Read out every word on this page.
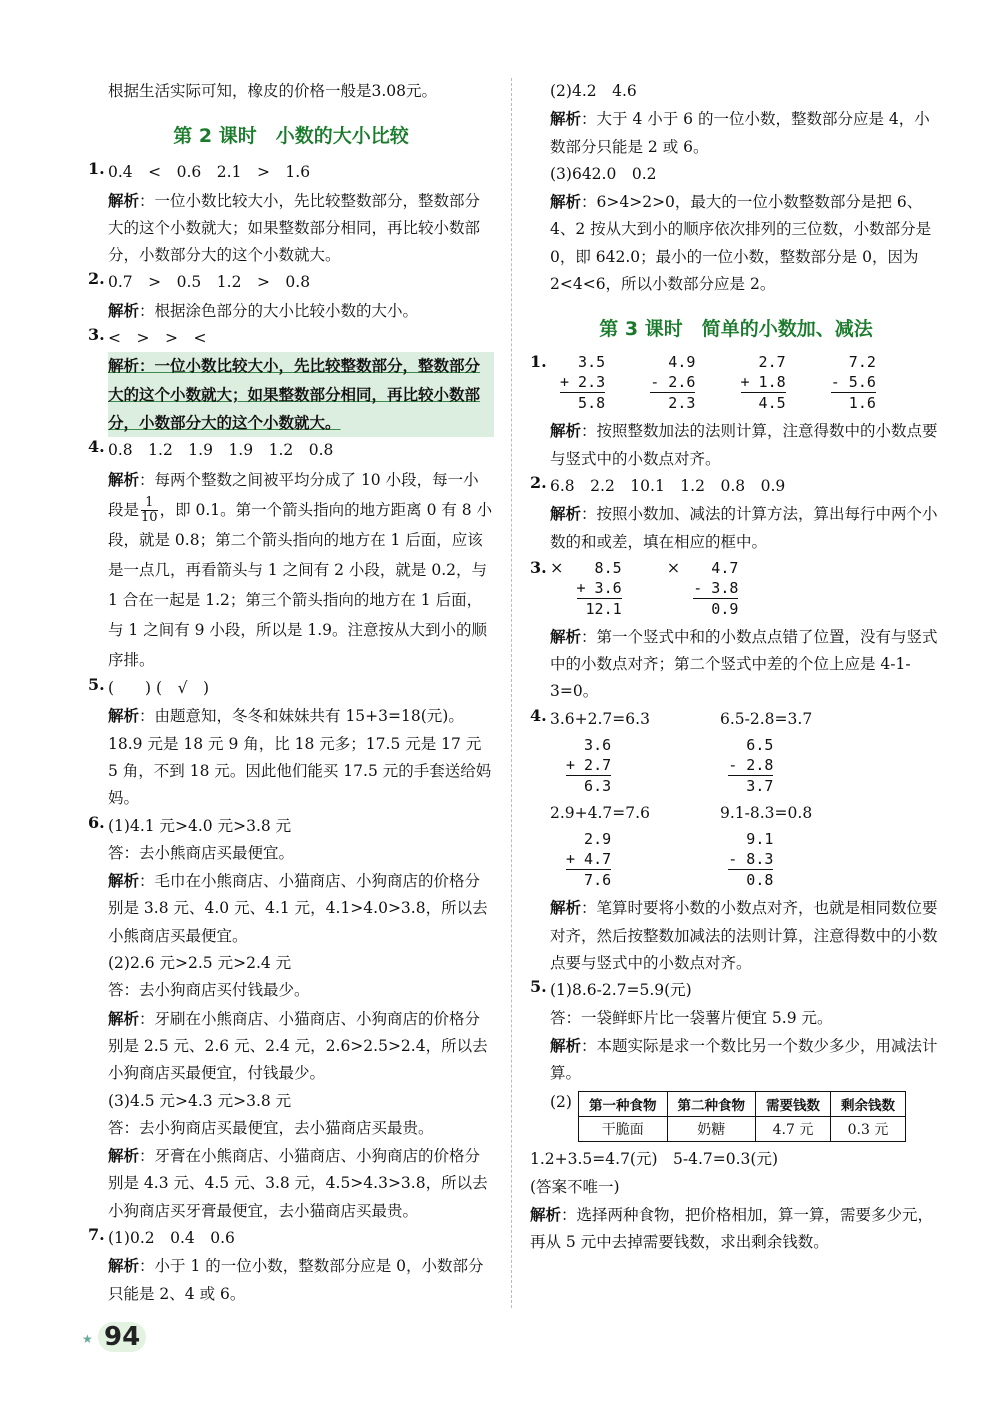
根据生活实际可知，橡皮的价格一般是3.08元。

第 2 课时　小数的大小比较
1. 0.4　<　0.6　2.1　>　1.6

解析：一位小数比较大小，先比较整数部分，整数部分大的这个小数就大；如果整数部分相同，再比较小数部分，小数部分大的这个小数就大。

2. 0.7　>　0.5　1.2　>　0.8

解析：根据涂色部分的大小比较小数的大小。

3. <　>　>　<

解析：一位小数比较大小，先比较整数部分，整数部分大的这个小数就大；如果整数部分相同，再比较小数部分，小数部分大的这个小数就大。

4. 0.8　1.2　1.9　1.9　1.2　0.8

解析：每两个整数之间被平均分成了 10 小段，每一小段是 $\frac{1}{10}$ ，即 0.1。第一个箭头指向的地方距离 0 有 8 小段，就是 0.8；第二个箭头指向的地方在 1 后面，应该是一点几，再看箭头与 1 之间有 2 小段，就是 0.2，与 1 合在一起是 1.2；第三个箭头指向的地方在 1 后面，与 1 之间有 9 小段，所以是 1.9。注意按从大到小的顺序排。

5. (　　) (　√　)

解析：由题意知，冬冬和妹妹共有 15+3=18(元)。18.9 元是 18 元 9 角，比 18 元多；17.5 元是 17 元 5 角，不到 18 元。因此他们能买 17.5 元的手套送给妈妈。

6. (1)4.1 元>4.0 元>3.8 元

答：去小熊商店买最便宜。

解析：毛巾在小熊商店、小猫商店、小狗商店的价格分别是 3.8 元、4.0 元、4.1 元，4.1>4.0>3.8，所以去小熊商店买最便宜。

(2)2.6 元>2.5 元>2.4 元

答：去小狗商店买付钱最少。

解析：牙刷在小熊商店、小猫商店、小狗商店的价格分别是 2.5 元、2.6 元、2.4 元，2.6>2.5>2.4，所以去小狗商店买最便宜，付钱最少。

(3)4.5 元>4.3 元>3.8 元

答：去小狗商店买最便宜，去小猫商店买最贵。

解析：牙膏在小熊商店、小猫商店、小狗商店的价格分别是 4.3 元、4.5 元、3.8 元，4.5>4.3>3.8，所以去小狗商店买牙膏最便宜，去小猫商店买最贵。

7. (1)0.2　0.4　0.6

解析：小于 1 的一位小数，整数部分应是 0，小数部分只能是 2、4 或 6。

(2)4.2　4.6

解析：大于 4 小于 6 的一位小数，整数部分应是 4，小数部分只能是 2 或 6。

(3)642.0　0.2

解析：6>4>2>0，最大的一位小数整数部分是把 6、4、2 按从大到小的顺序依次排列的三位数，小数部分是 0，即 642.0；最小的一位小数，整数部分是 0，因为 2<4<6，所以小数部分应是 2。

第 3 课时　简单的小数加、减法
1. 3.5
+ 2.3
5.8

4.9
- 2.6
2.3

2.7
+ 1.8
4.5

7.2
- 5.6
1.6

解析：按照整数加法的法则计算，注意得数中的小数点要与竖式中的小数点对齐。

2. 6.8　2.2　10.1　1.2　0.8　0.9

解析：按照小数加、减法的计算方法，算出每行中两个小数的和或差，填在相应的框中。

3. × 8.5
+ 3.6
12.1
× 4.7
- 3.8
0.9

解析：第一个竖式中和的小数点点错了位置，没有与竖式中的小数点对齐；第二个竖式中差的个位上应是 4-1-3=0。

4. 3.6+2.7=6.3	6.5-2.8=3.7

3.6
+ 2.7
6.3

6.5
- 2.8
3.7

2.9+4.7=7.6	9.1-8.3=0.8

2.9
+ 4.7
7.6

9.1
- 8.3
0.8

解析：笔算时要将小数的小数点对齐，也就是相同数位要对齐，然后按整数加减法的法则计算，注意得数中的小数点要与竖式中的小数点对齐。

5. (1)8.6-2.7=5.9(元)

答：一袋鲜虾片比一袋薯片便宜 5.9 元。

解析：本题实际是求一个数比另一个数少多少，用减法计算。

(2) 第一种食物	第二种食物	需要钱数	剩余钱数
干脆面	奶糖	4.7 元	0.3 元

1.2+3.5=4.7(元)　5-4.7=0.3(元)

(答案不唯一)

解析：选择两种食物，把价格相加，算一算，需要多少元，再从 5 元中去掉需要钱数，求出剩余钱数。

★ 94
